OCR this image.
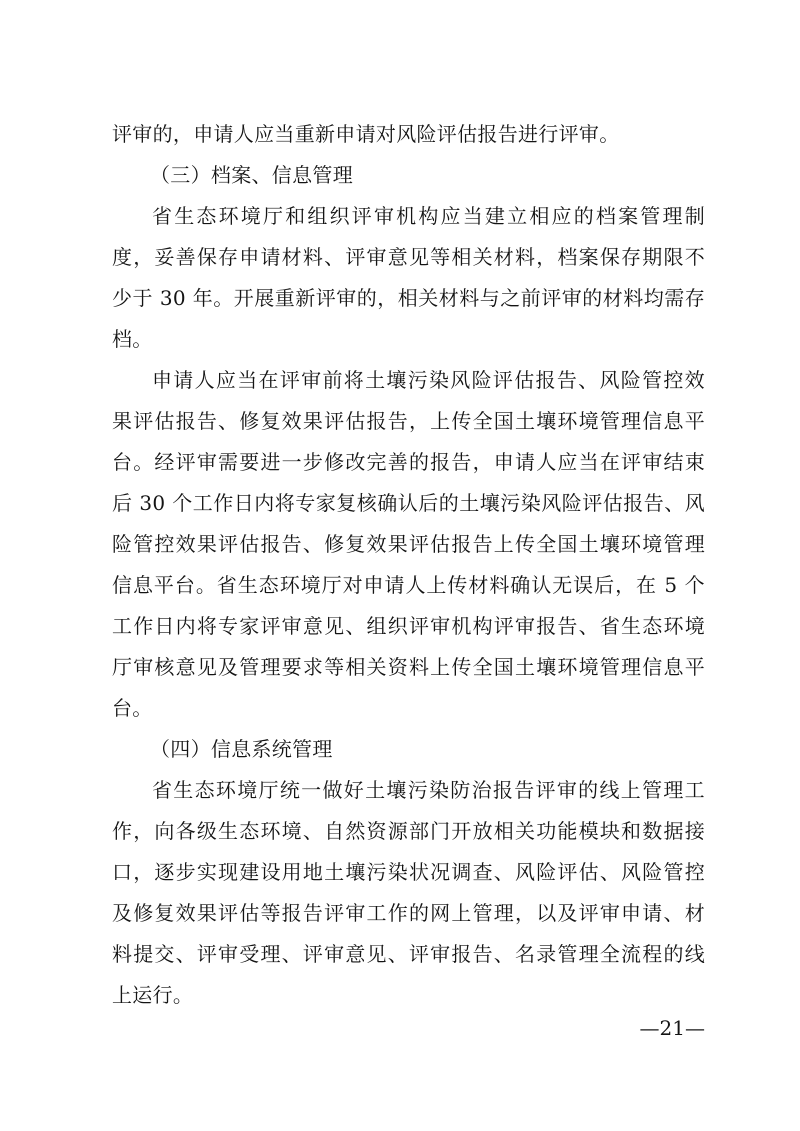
评审的，申请人应当重新申请对风险评估报告进行评审。
（三）档案、信息管理
省生态环境厅和组织评审机构应当建立相应的档案管理制
度，妥善保存申请材料、评审意见等相关材料，档案保存期限不
少于 30 年。开展重新评审的，相关材料与之前评审的材料均需存
档。
申请人应当在评审前将土壤污染风险评估报告、风险管控效
果评估报告、修复效果评估报告，上传全国土壤环境管理信息平
台。经评审需要进一步修改完善的报告，申请人应当在评审结束
后 30 个工作日内将专家复核确认后的土壤污染风险评估报告、风
险管控效果评估报告、修复效果评估报告上传全国土壤环境管理
信息平台。省生态环境厅对申请人上传材料确认无误后，在 5 个
工作日内将专家评审意见、组织评审机构评审报告、省生态环境
厅审核意见及管理要求等相关资料上传全国土壤环境管理信息平
台。
（四）信息系统管理
省生态环境厅统一做好土壤污染防治报告评审的线上管理工
作，向各级生态环境、自然资源部门开放相关功能模块和数据接
口，逐步实现建设用地土壤污染状况调查、风险评估、风险管控
及修复效果评估等报告评审工作的网上管理，以及评审申请、材
料提交、评审受理、评审意见、评审报告、名录管理全流程的线
上运行。
—21—
